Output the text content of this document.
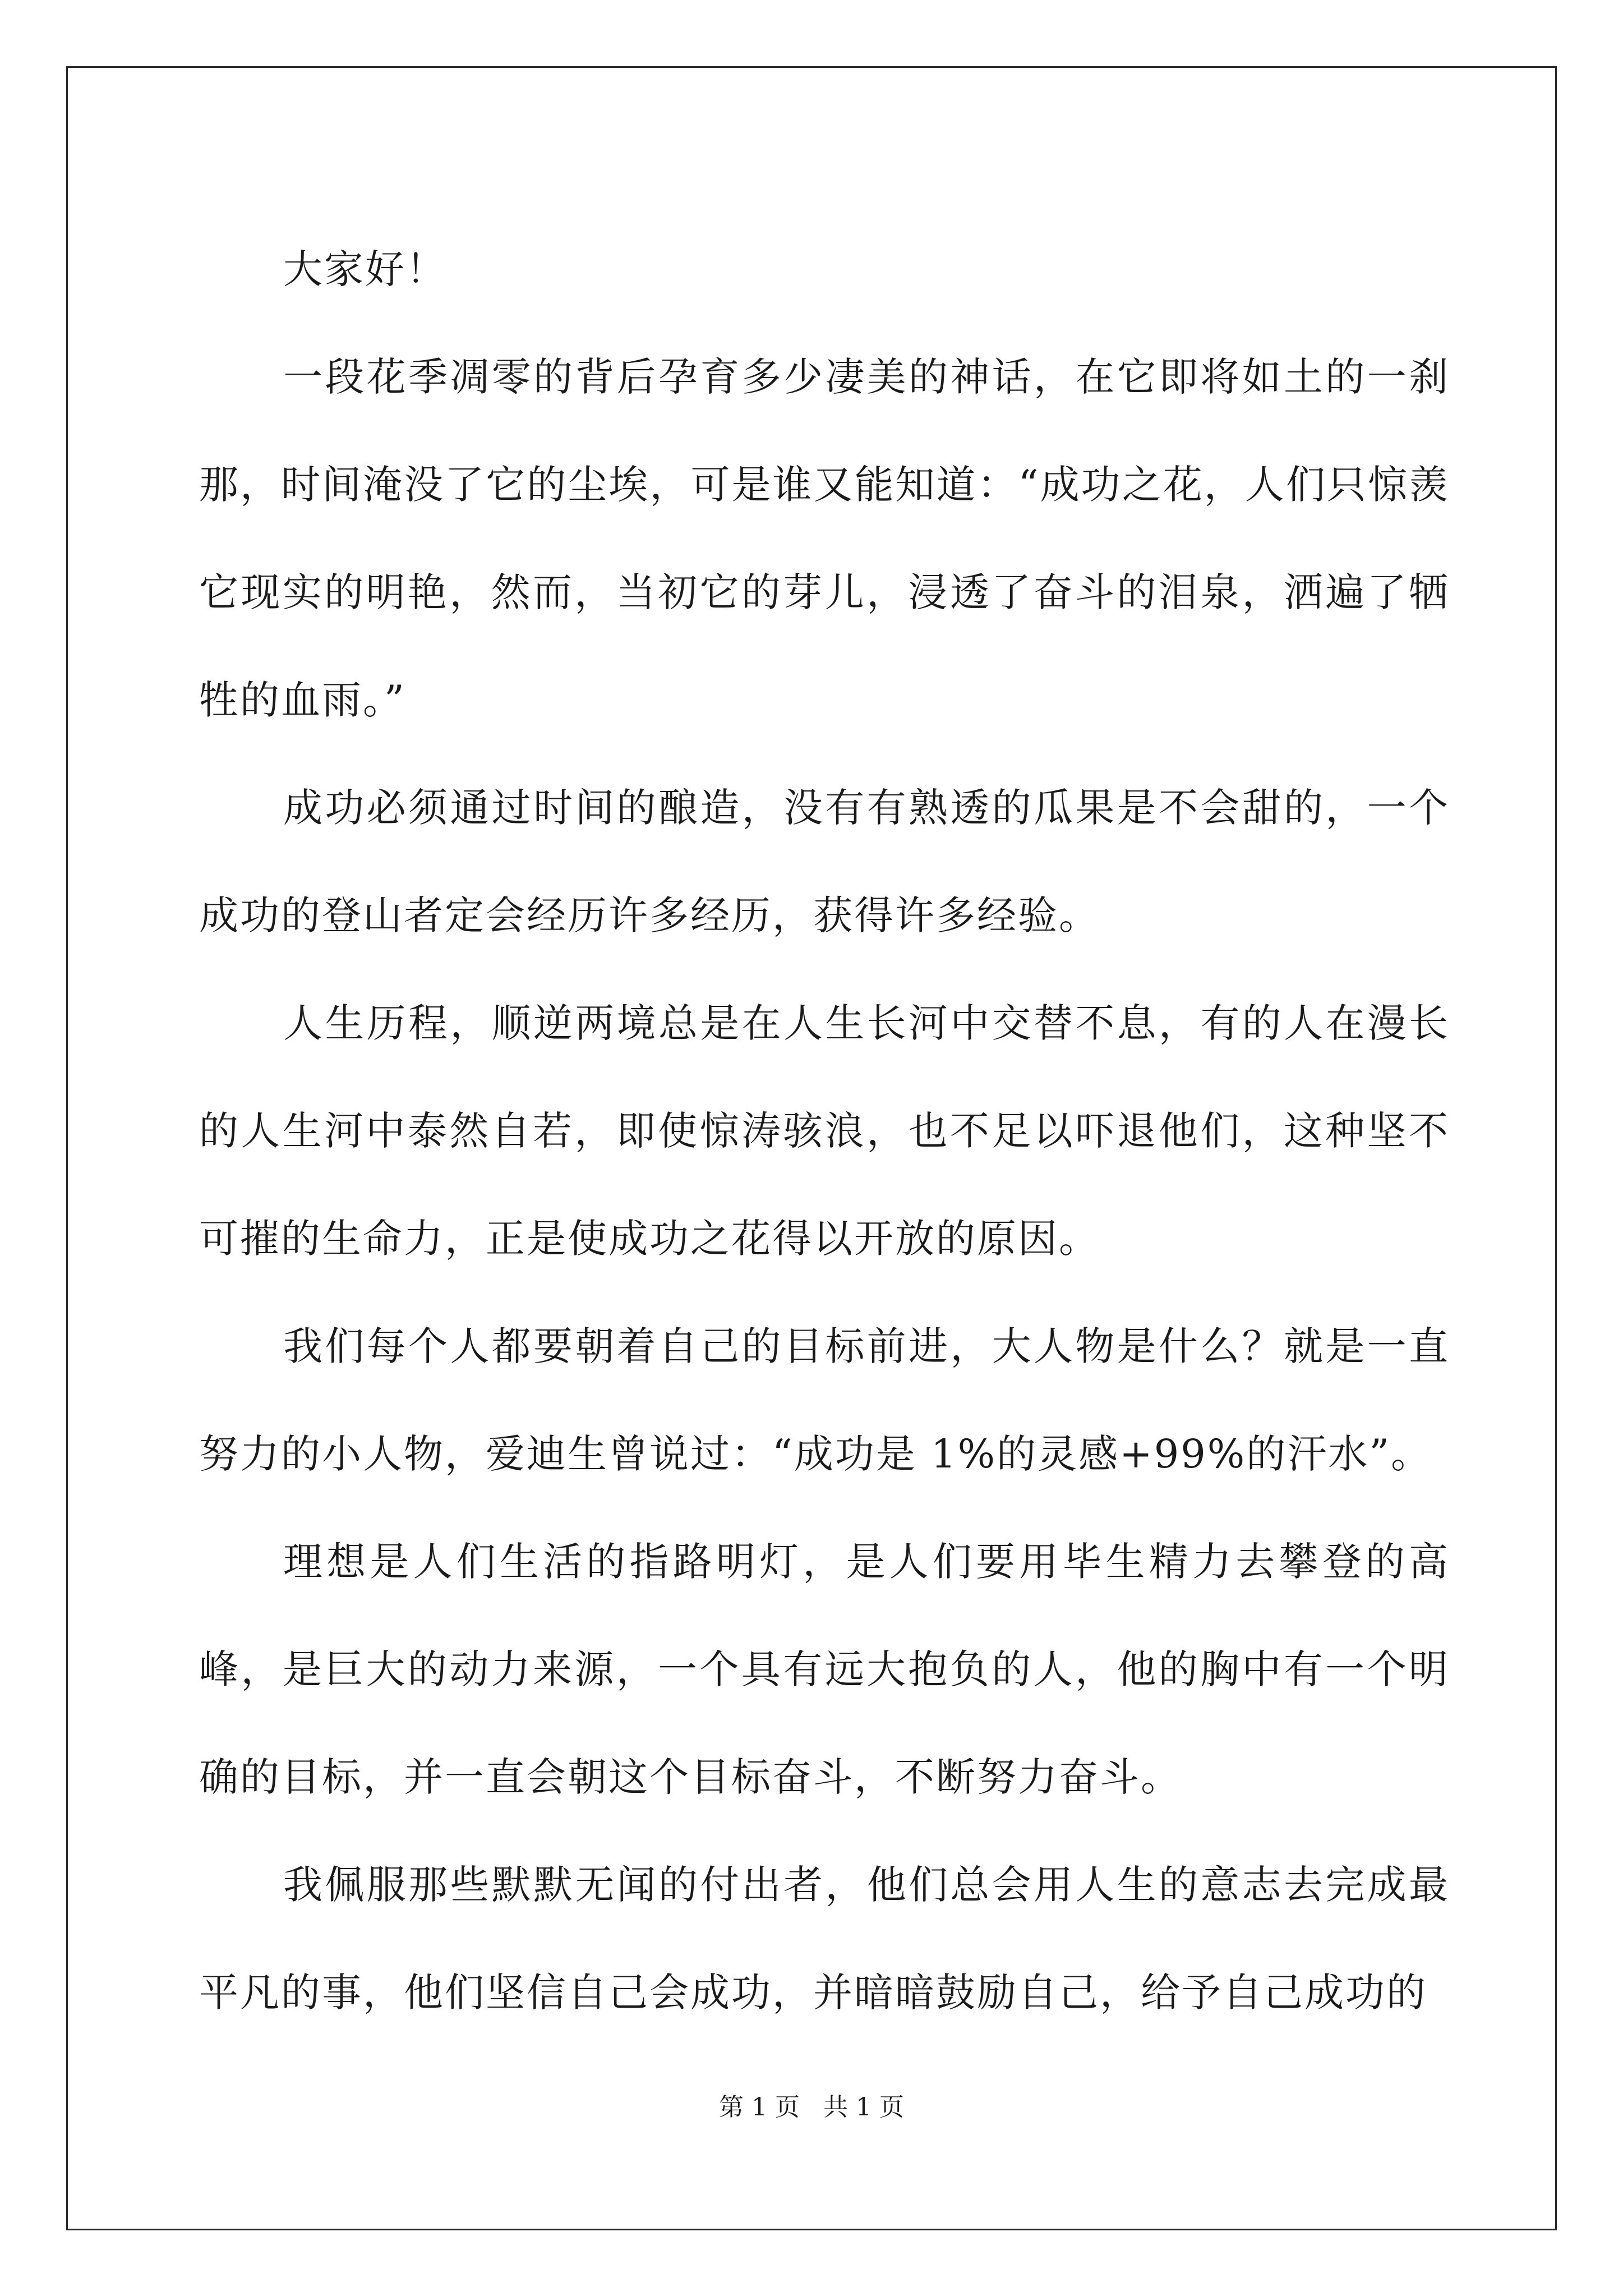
大家好！

一段花季凋零的背后孕育多少凄美的神话，在它即将如土的一刹那，时间淹没了它的尘埃，可是谁又能知道：“成功之花，人们只惊羡它现实的明艳，然而，当初它的芽儿，浸透了奋斗的泪泉，洒遍了牺牲的血雨。”

成功必须通过时间的酿造，没有有熟透的瓜果是不会甜的，一个成功的登山者定会经历许多经历，获得许多经验。

人生历程，顺逆两境总是在人生长河中交替不息，有的人在漫长的人生河中泰然自若，即使惊涛骇浪，也不足以吓退他们，这种坚不可摧的生命力，正是使成功之花得以开放的原因。

我们每个人都要朝着自己的目标前进，大人物是什么？就是一直努力的小人物，爱迪生曾说过：“成功是 1%的灵感+99%的汗水”。

理想是人们生活的指路明灯，是人们要用毕生精力去攀登的高峰，是巨大的动力来源，一个具有远大抱负的人，他的胸中有一个明确的目标，并一直会朝这个目标奋斗，不断努力奋斗。

我佩服那些默默无闻的付出者，他们总会用人生的意志去完成最平凡的事，他们坚信自己会成功，并暗暗鼓励自己，给予自己成功的

第 1 页   共 1 页
